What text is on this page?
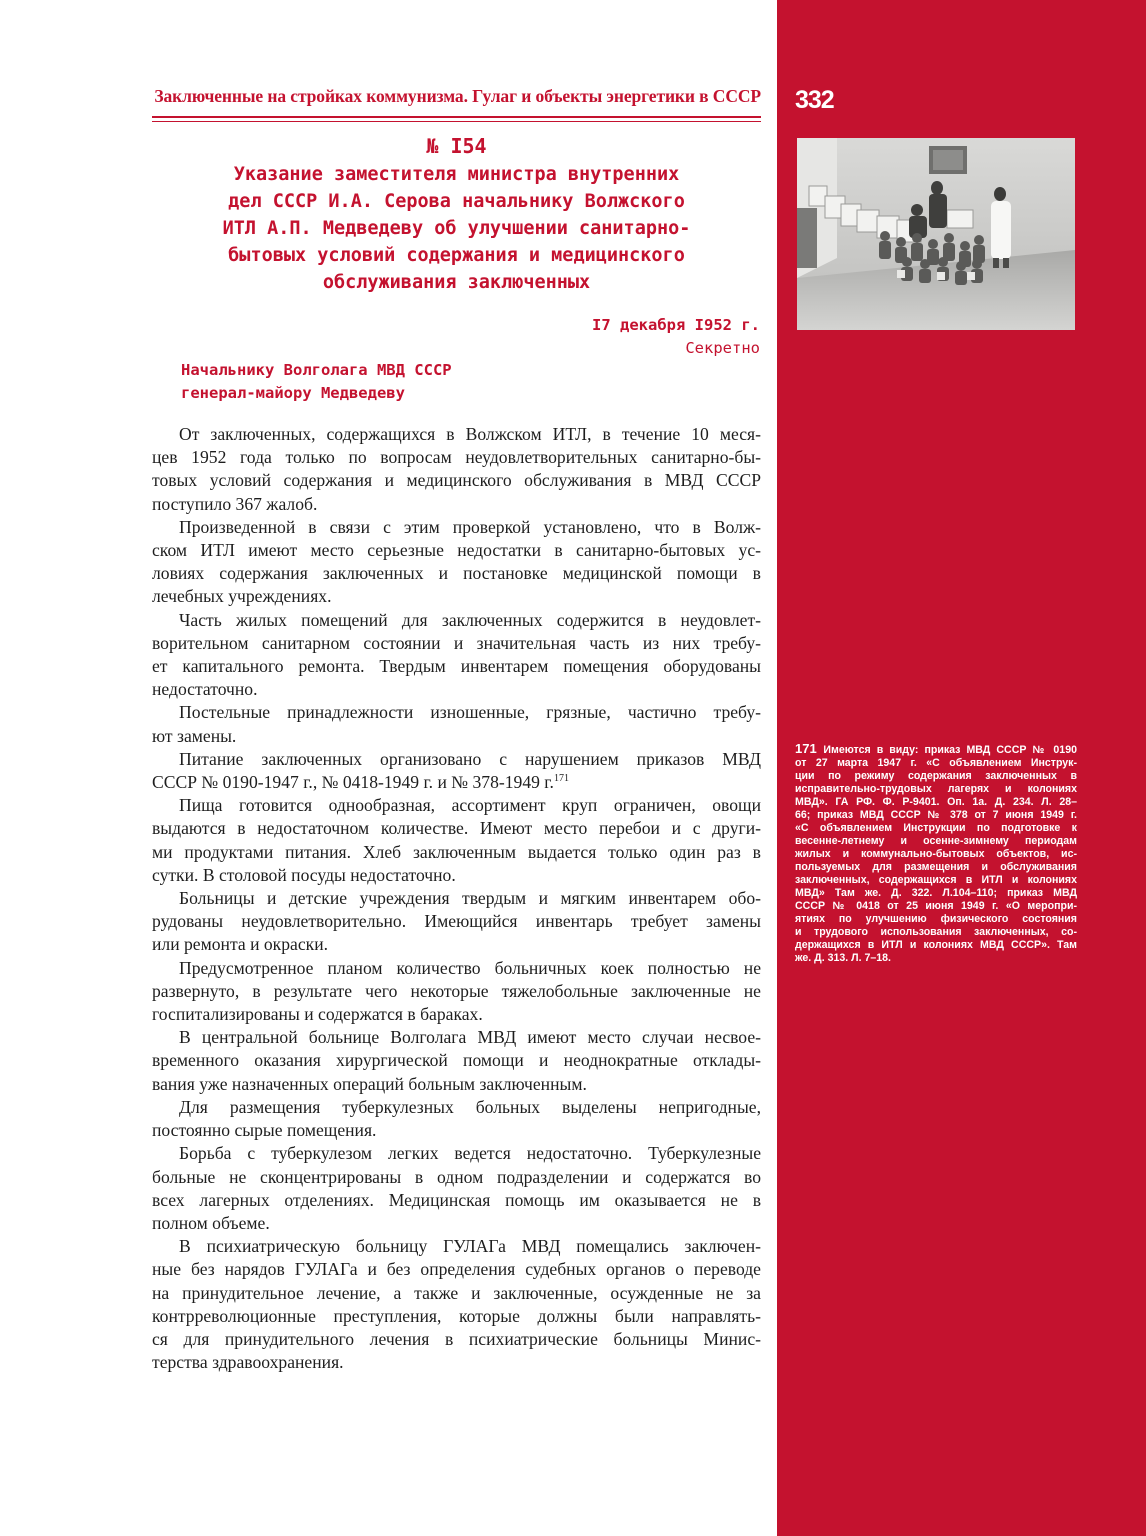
Заключенные на стройках коммунизма. Гулаг и объекты энергетики в СССР 332
№ I54
Указание заместителя министра внутренних
дел СССР И.А. Серова начальнику Волжского
ИТЛ А.П. Медведеву об улучшении санитарно-
бытовых условий содержания и медицинского
обслуживания заключенных
I7 декабря I952 г.
Секретно
Начальнику Волголага МВД СССР
генерал-майору Медведеву
От заключенных, содержащихся в Волжском ИТЛ, в течение 10 меся-
цев 1952 года только по вопросам неудовлетворительных санитарно-бы-
товых условий содержания и медицинского обслуживания в МВД СССР
поступило 367 жалоб.
Произведенной в связи с этим проверкой установлено, что в Волж-
ском ИТЛ имеют место серьезные недостатки в санитарно-бытовых ус-
ловиях содержания заключенных и постановке медицинской помощи в
лечебных учреждениях.
Часть жилых помещений для заключенных содержится в неудовлет-
ворительном санитарном состоянии и значительная часть из них требу-
ет капитального ремонта. Твердым инвентарем помещения оборудованы
недостаточно.
Постельные принадлежности изношенные, грязные, частично требу-
ют замены.
Питание заключенных организовано с нарушением приказов МВД
СССР № 0190-1947 г., № 0418-1949 г. и № 378-1949 г.$^{171}$
Пища готовится однообразная, ассортимент круп ограничен, овощи
выдаются в недостаточном количестве. Имеют место перебои и с други-
ми продуктами питания. Хлеб заключенным выдается только один раз в
сутки. В столовой посуды недостаточно.
Больницы и детские учреждения твердым и мягким инвентарем обо-
рудованы неудовлетворительно. Имеющийся инвентарь требует замены
или ремонта и окраски.
Предусмотренное планом количество больничных коек полностью не
развернуто, в результате чего некоторые тяжелобольные заключенные не
госпитализированы и содержатся в бараках.
В центральной больнице Волголага МВД имеют место случаи несвое-
временного оказания хирургической помощи и неоднократные отклады-
вания уже назначенных операций больным заключенным.
Для размещения туберкулезных больных выделены непригодные,
постоянно сырые помещения.
Борьба с туберкулезом легких ведется недостаточно. Туберкулезные
больные не сконцентрированы в одном подразделении и содержатся во
всех лагерных отделениях. Медицинская помощь им оказывается не в
полном объеме.
В психиатрическую больницу ГУЛАГа МВД помещались заключен-
ные без нарядов ГУЛАГа и без определения судебных органов о переводе
на принудительное лечение, а также и заключенные, осужденные не за
контрреволюционные преступления, которые должны были направлять-
ся для принудительного лечения в психиатрические больницы Минис-
терства здравоохранения.
171 Имеются в виду: приказ МВД СССР № 0190
от 27 марта 1947 г. «С объявлением Инструк-
ции по режиму содержания заключенных в
исправительно-трудовых лагерях и колониях
МВД». ГА РФ. Ф. Р-9401. Оп. 1а. Д. 234. Л. 28–
66; приказ МВД СССР № 378 от 7 июня 1949 г.
«С объявлением Инструкции по подготовке к
весенне-летнему и осенне-зимнему периодам
жилых и коммунально-бытовых объектов, ис-
пользуемых для размещения и обслуживания
заключенных, содержащихся в ИТЛ и колониях
МВД» Там же. Д. 322. Л.104–110; приказ МВД
СССР № 0418 от 25 июня 1949 г. «О меропри-
ятиях по улучшению физического состояния
и трудового использования заключенных, со-
держащихся в ИТЛ и колониях МВД СССР». Там
же. Д. 313. Л. 7–18.
